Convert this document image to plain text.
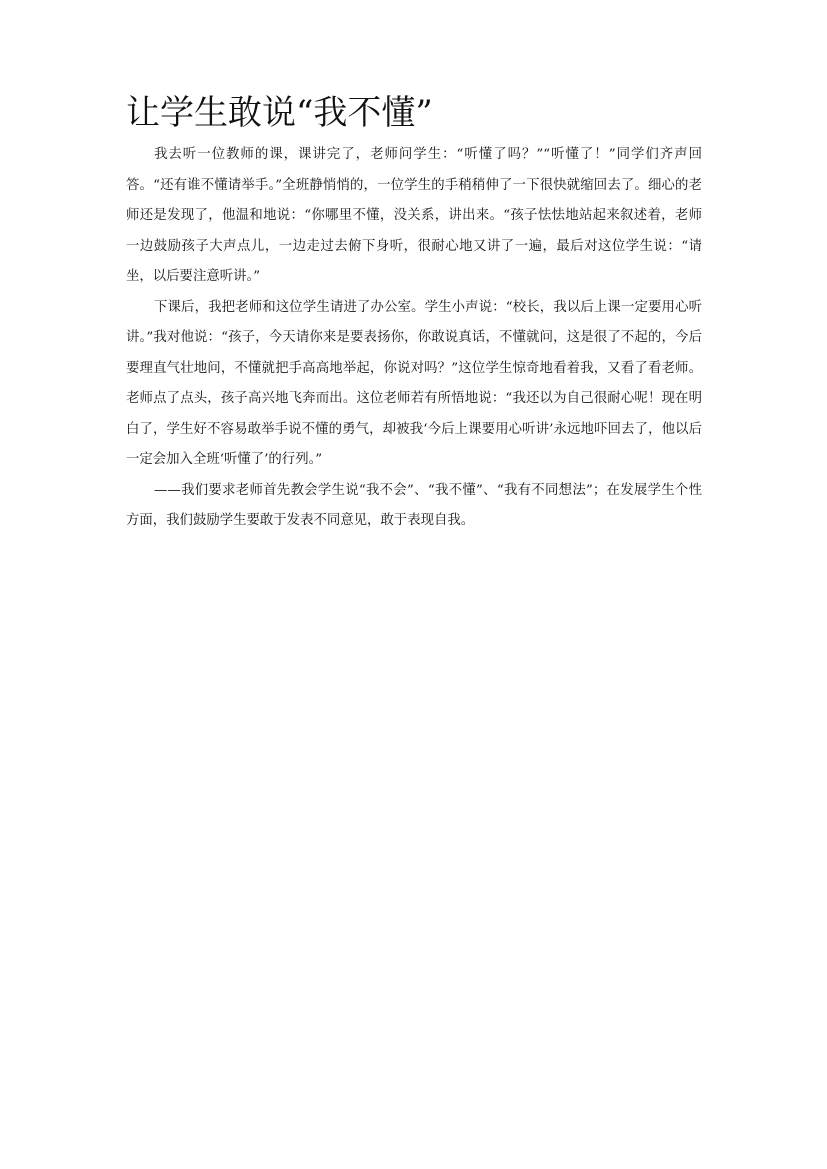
让学生敢说“我不懂”

我去听一位教师的课，课讲完了，老师问学生：“听懂了吗？”“听懂了！”同学们齐声回答。“还有谁不懂请举手。”全班静悄悄的，一位学生的手稍稍伸了一下很快就缩回去了。细心的老师还是发现了，他温和地说：“你哪里不懂，没关系，讲出来。“孩子怯怯地站起来叙述着，老师一边鼓励孩子大声点儿，一边走过去俯下身听，很耐心地又讲了一遍，最后对这位学生说：“请坐，以后要注意听讲。”

下课后，我把老师和这位学生请进了办公室。学生小声说：“校长，我以后上课一定要用心听讲。”我对他说：“孩子，今天请你来是要表扬你，你敢说真话，不懂就问，这是很了不起的，今后要理直气壮地问，不懂就把手高高地举起，你说对吗？”这位学生惊奇地看着我，又看了看老师。老师点了点头，孩子高兴地飞奔而出。这位老师若有所悟地说：“我还以为自己很耐心呢！现在明白了，学生好不容易敢举手说不懂的勇气，却被我‘今后上课要用心听讲’永远地吓回去了，他以后一定会加入全班‘听懂了’的行列。”

——我们要求老师首先教会学生说“我不会”、“我不懂”、“我有不同想法”；在发展学生个性方面，我们鼓励学生要敢于发表不同意见，敢于表现自我。
